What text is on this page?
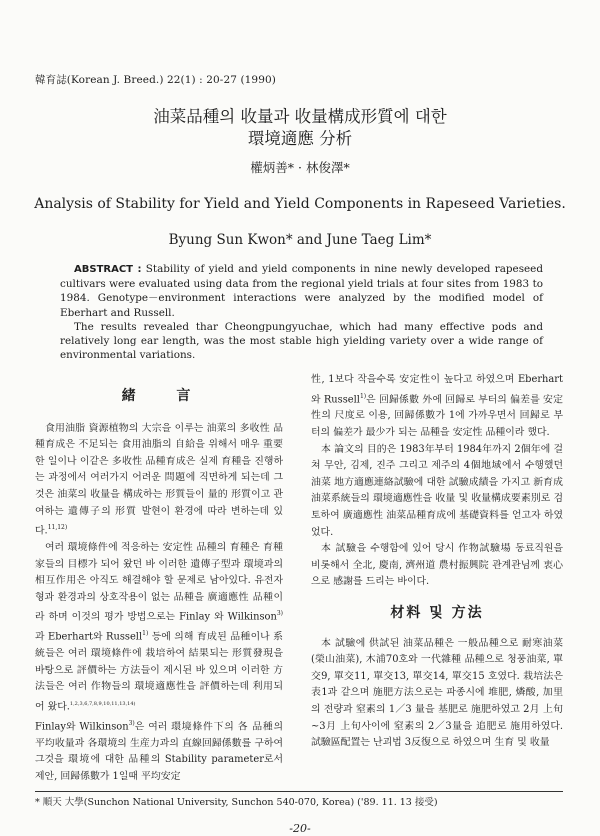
韓育誌(Korean J. Breed.) 22(1) : 20-27 (1990)
油菜品種의 收量과 收量構成形質에 대한
環境適應 分析
權炳善* · 林俊澤*
Analysis of Stability for Yield and Yield Components in Rapeseed Varieties.
Byung Sun Kwon* and June Taeg Lim*

ABSTRACT : Stability of yield and yield components in nine newly developed rapeseed cultivars were evaluated using data from the regional yield trials at four sites from 1983 to 1984. Genotype－environment interactions were analyzed by the modified model of Eberhart and Russell.

The results revealed thar Cheongpungyuchae, which had many effective pods and relatively long ear length, was the most stable high yielding variety over a wide range of environmental variations.

緒 言

食用油脂 資源植物의 大宗을 이루는 油菜의 多收性 品種育成은 不足되는 食用油脂의 自給을 위해서 매우 重要한 일이나 이같은 多收性 品種育成은 실제 育種을 진행하는 과정에서 여러가지 어려운 問題에 직면하게 되는데 그것은 油菜의 收量을 構成하는 形質들이 量的 形質이고 관여하는 遺傳子의 形質 발현이 환경에 따라 변하는데 있다.$^{11,12)}$

여러 環境條件에 적응하는 安定性 品種의 育種은 育種家들의 目標가 되어 왔던 바 이러한 遺傳子型과 環境과의 相互作用은 아직도 해결해야 할 문제로 남아있다. 유전자형과 환경과의 상호작용이 없는 品種을 廣適應性 品種이라 하며 이것의 평가 방법으로는 Finlay 와 Wilkinson$^{3)}$과 Eberhart와 Russell$^{1)}$ 등에 의해 育成된 品種이나 系統들은 여러 環境條件에 栽培하여 結果되는 形質發現을 바탕으로 評價하는 方法들이 제시된 바 있으며 이러한 方法들은 여러 作物들의 環境適應性을 評價하는데 利用되어 왔다.$^{1,2,3,6,7,8,9,10,11,13,14)}$

Finlay와 Wilkinson$^{3)}$은 여러 環境條件下의 各 品種의 平均收量과 各環境의 生産力과의 直線回歸係數를 구하여 그것을 環境에 대한 品種의 Stability parameter로서 제안, 回歸係數가 1일때 平均安定

性, 1보다 작을수록 安定性이 높다고 하였으며 Eberhart와 Russell$^{1)}$은 回歸係數 外에 回歸로 부터의 偏差를 安定性의 尺度로 이용, 回歸係數가 1에 가까우면서 回歸로 부터의 偏差가 最少가 되는 品種을 安定性 品種이라 했다.

本 論文의 目的은 1983年부터 1984年까지 2個年에 걸쳐 무안, 김제, 진주 그리고 제주의 4個地域에서 수행했던 油菜 地方適應連絡試驗에 대한 試驗成績을 가지고 新育成油菜系統들의 環境適應性을 收量 및 收量構成要素別로 검토하여 廣適應性 油菜品種育成에 基礎資料를 얻고자 하였었다.

本 試驗을 수행함에 있어 당시 作物試驗場 동료직원을 비롯해서 全北, 慶南, 濟州道 農村振興院 관계관님께 衷心으로 感謝를 드리는 바이다.

材料 및 方法

本 試驗에 供試된 油菜品種은 一般品種으로 耐寒油菜(榮山油菜), 木浦70호와 一代雜種 品種으로 청풍油菜, 單交9, 單交11, 單交13, 單交14, 單交15 호였다. 栽培法은 表1과 같으며 施肥方法으로는 파종시에 堆肥, 燐酸, 加里의 전량과 窒素의 1／3 量을 基肥로 施肥하였고 2月 上旬~3月 上旬사이에 窒素의 2／3量을 追肥로 施用하였다. 試驗區配置는 난괴법 3反復으로 하였으며 生育 및 收量

* 順天 大學(Sunchon National University, Sunchon 540-070, Korea) ('89. 11. 13 接受)
-20-
